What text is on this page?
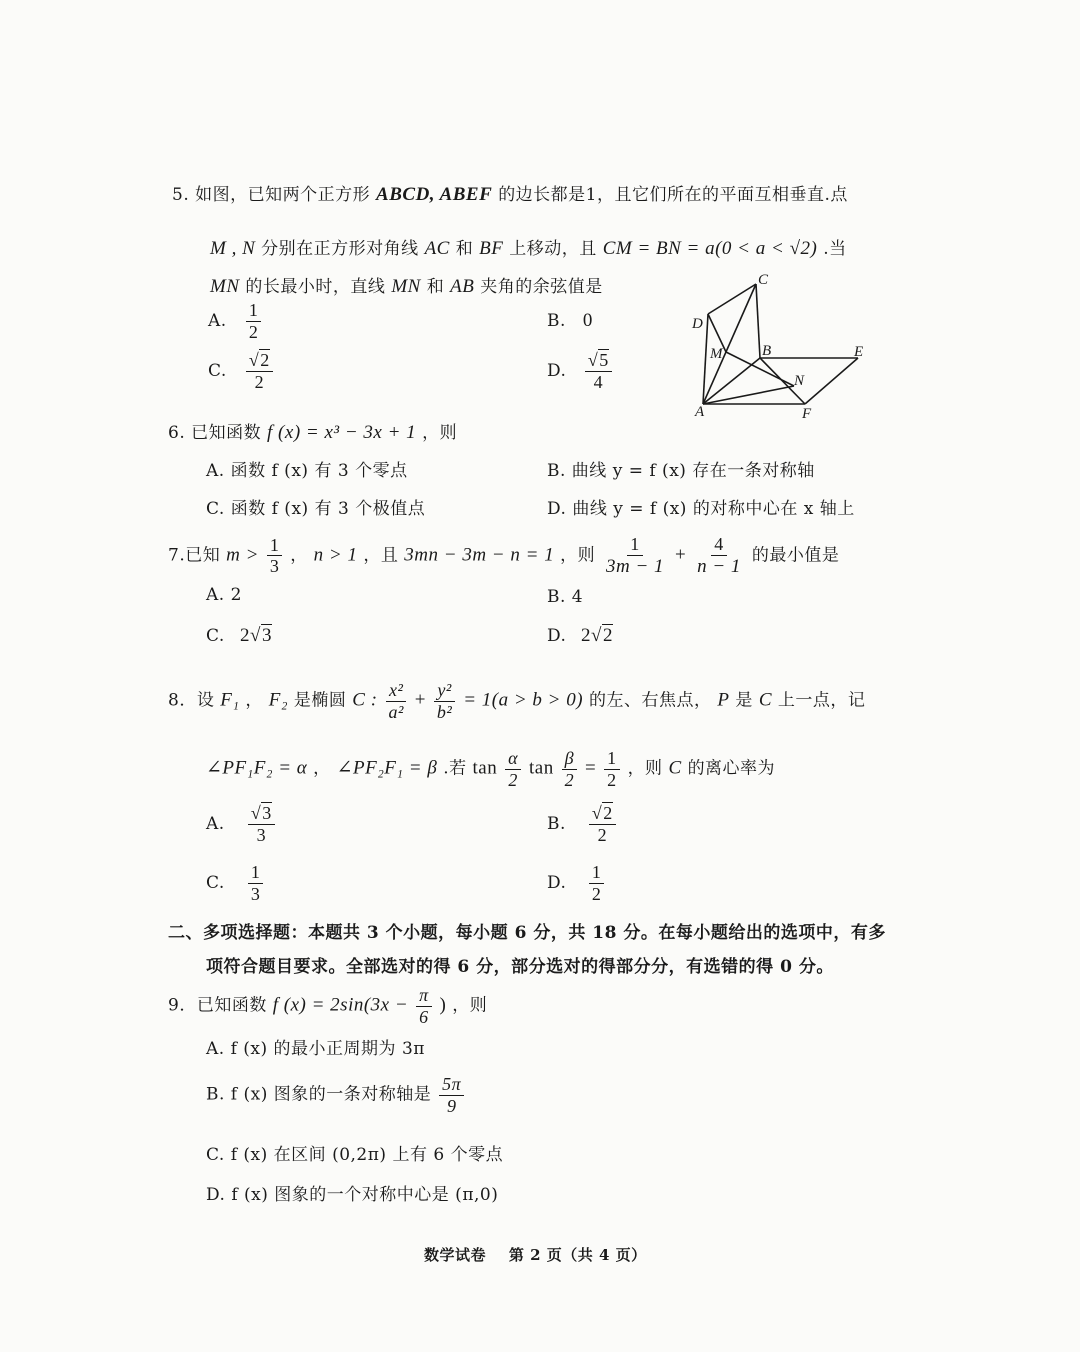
5. 如图，已知两个正方形 ABCD, ABEF 的边长都是1，且它们所在的平面互相垂直.点
M , N 分别在正方形对角线 AC 和 BF 上移动，且 CM = BN = a(0 < a < √2) .当
MN 的长最小时，直线 MN 和 AB 夹角的余弦值是
A. $\frac{1}{2}$	B. 0
C. $\frac{√2}{2}$	D. $\frac{√5}{4}$
C
D
M	B	E
N
A	F
6. 已知函数 f (x) = x³ − 3x + 1 ，则
A. 函数 f (x) 有 3 个零点	B. 曲线 y = f (x) 存在一条对称轴
C. 函数 f (x) 有 3 个极值点	D. 曲线 y = f (x) 的对称中心在 x 轴上
7.已知 $m > \frac{1}{3}$ ， n > 1 ，且 3mn − 3m − n = 1 ，则 $\frac{1}{3m - 1} + \frac{4}{n - 1}$ 的最小值是
A. 2	B. 4
C. 2√3	D. 2√2
8．设 F₁ ， F₂ 是椭圆 C : $\frac{\text{x²}}{\text{a²}} + \frac{\text{y²}}{\text{b²}} = 1(a > b > 0)$ 的左、右焦点， P 是 C 上一点，记
∠PF₁F₂ = α ， ∠PF₂F₁ = β .若 $\tan \frac{\alpha}{2}$ $\tan \frac{\beta}{2} = \frac{1}{2}$ ，则 C 的离心率为
A. $\frac{√3}{3}$	B. $\frac{√2}{2}$
C. $\frac{1}{3}$	D. $\frac{1}{2}$
二、多项选择题：本题共 3 个小题，每小题 6 分，共 18 分。在每小题给出的选项中，有多
项符合题目要求。全部选对的得 6 分，部分选对的得部分分，有选错的得 0 分。
9．已知函数 f $(x) = 2\sin(3x - \frac{\pi}{6}$ ) ，则
A. f (x) 的最小正周期为 3π
B. f (x) 图象的一条对称轴是 $\frac{5\pi}{9}$
C. f (x) 在区间 (0,2π) 上有 6 个零点
D. f (x) 图象的一个对称中心是 (π,0)
数学试卷    第 2 页（共 4 页）
